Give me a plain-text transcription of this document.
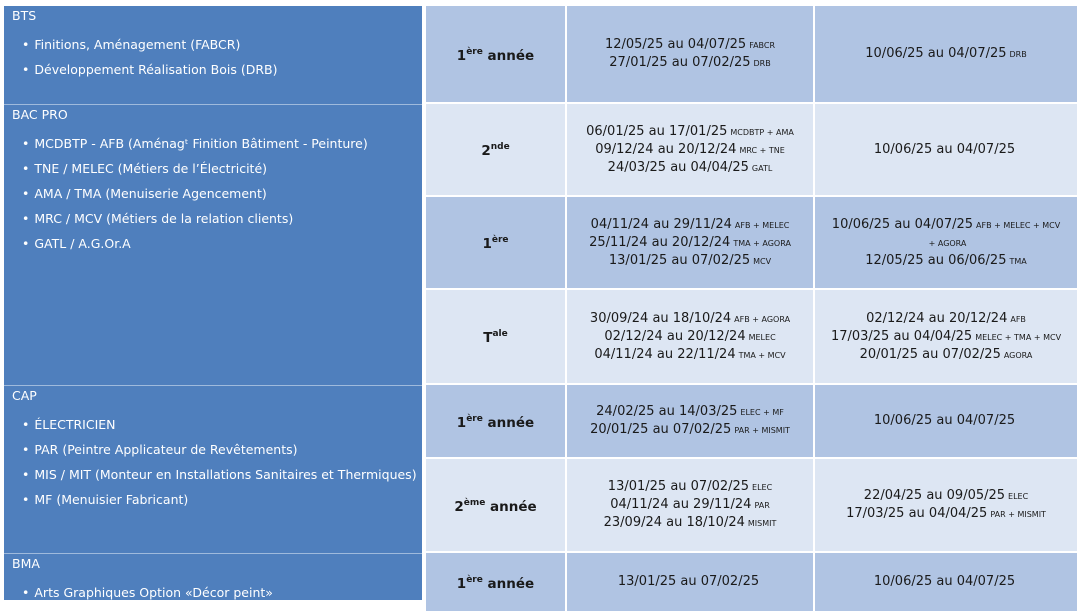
BTS
• Finitions, Aménagement (FABCR)
• Développement Réalisation Bois (DRB)
BAC PRO
• MCDBTP - AFB (Aménagᵗ Finition Bâtiment - Peinture)
• TNE / MELEC (Métiers de l’Électricité)
• AMA / TMA (Menuiserie Agencement)
• MRC / MCV (Métiers de la relation clients)
• GATL / A.G.Or.A
CAP
• ÉLECTRICIEN
• PAR (Peintre Applicateur de Revêtements)
• MIS / MIT (Monteur en Installations Sanitaires et Thermiques)
• MF (Menuisier Fabricant)
BMA
• Arts Graphiques Option «Décor peint»
1ère année
12/05/25 au 04/07/25 FABCR
27/01/25 au 07/02/25 DRB
10/06/25 au 04/07/25 DRB
2nde
06/01/25 au 17/01/25 MCDBTP + AMA
09/12/24 au 20/12/24 MRC + TNE
24/03/25 au 04/04/25 GATL
10/06/25 au 04/07/25
1ère
04/11/24 au 29/11/24 AFB + MELEC
25/11/24 au 20/12/24 TMA + AGORA
13/01/25 au 07/02/25 MCV
10/06/25 au 04/07/25 AFB + MELEC + MCV
+ AGORA
12/05/25 au 06/06/25 TMA
$T^{ale}$
30/09/24 au 18/10/24 AFB + AGORA
02/12/24 au 20/12/24 MELEC
04/11/24 au 22/11/24 TMA + MCV
02/12/24 au 20/12/24 AFB
17/03/25 au 04/04/25 MELEC + TMA + MCV
20/01/25 au 07/02/25 AGORA
1ère année
24/02/25 au 14/03/25 ELEC + MF
20/01/25 au 07/02/25 PAR + MISMIT
10/06/25 au 04/07/25
2ème année
13/01/25 au 07/02/25 ELEC
04/11/24 au 29/11/24 PAR
23/09/24 au 18/10/24 MISMIT
22/04/25 au 09/05/25 ELEC
17/03/25 au 04/04/25 PAR + MISMIT
1ère année	13/01/25 au 07/02/25	10/06/25 au 04/07/25
